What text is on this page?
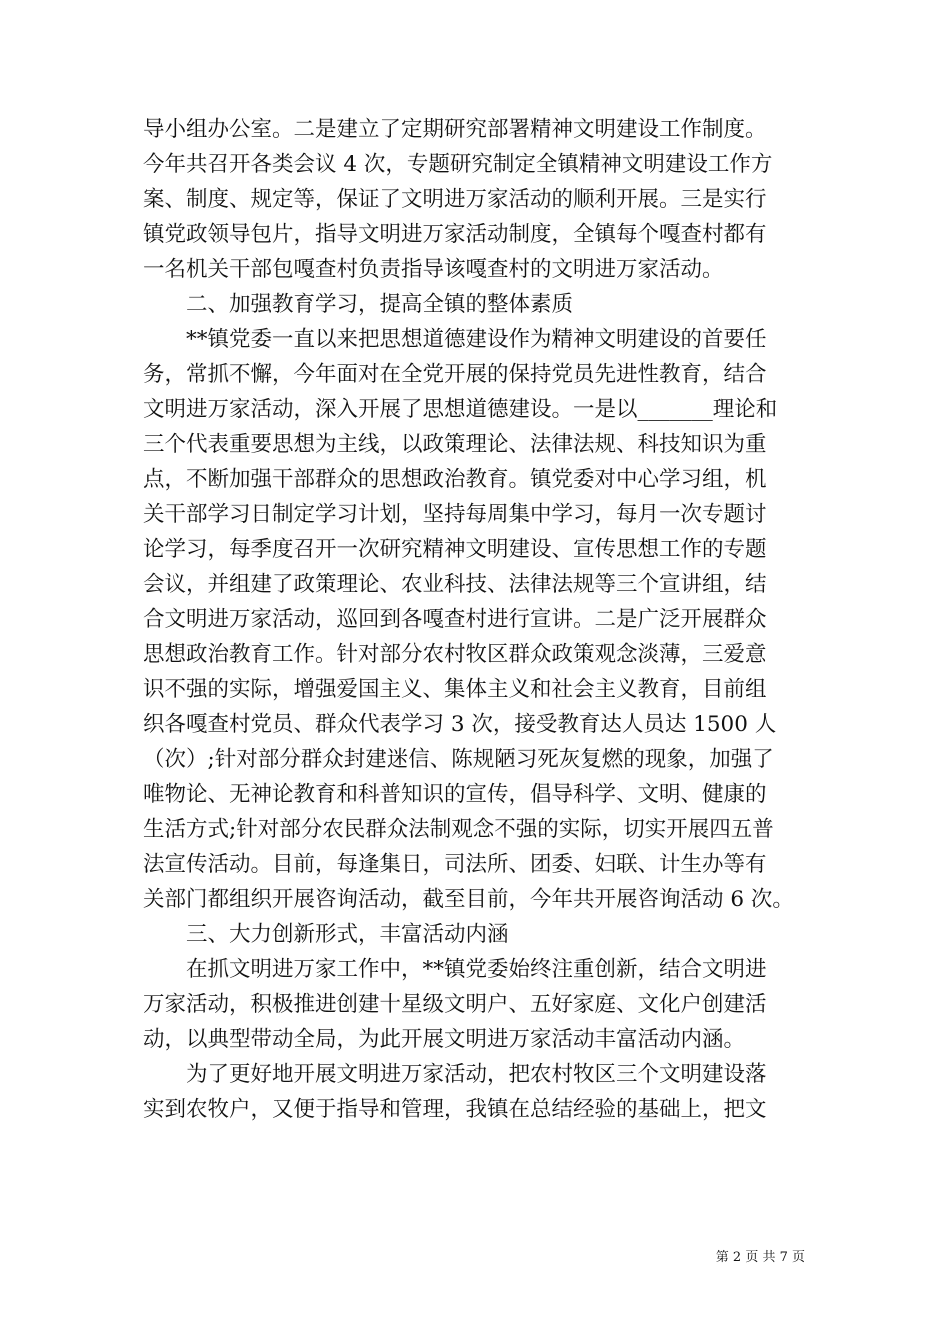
导小组办公室。二是建立了定期研究部署精神文明建设工作制度。
今年共召开各类会议 4 次，专题研究制定全镇精神文明建设工作方
案、制度、规定等，保证了文明进万家活动的顺利开展。三是实行
镇党政领导包片，指导文明进万家活动制度，全镇每个嘎查村都有
一名机关干部包嘎查村负责指导该嘎查村的文明进万家活动。
　　二、加强教育学习，提高全镇的整体素质
　　**镇党委一直以来把思想道德建设作为精神文明建设的首要任
务，常抓不懈，今年面对在全党开展的保持党员先进性教育，结合
文明进万家活动，深入开展了思想道德建设。一是以_______理论和
三个代表重要思想为主线，以政策理论、法律法规、科技知识为重
点，不断加强干部群众的思想政治教育。镇党委对中心学习组，机
关干部学习日制定学习计划，坚持每周集中学习，每月一次专题讨
论学习，每季度召开一次研究精神文明建设、宣传思想工作的专题
会议，并组建了政策理论、农业科技、法律法规等三个宣讲组，结
合文明进万家活动，巡回到各嘎查村进行宣讲。二是广泛开展群众
思想政治教育工作。针对部分农村牧区群众政策观念淡薄，三爱意
识不强的实际，增强爱国主义、集体主义和社会主义教育，目前组
织各嘎查村党员、群众代表学习 3 次，接受教育达人员达 1500 人
（次）;针对部分群众封建迷信、陈规陋习死灰复燃的现象，加强了
唯物论、无神论教育和科普知识的宣传，倡导科学、文明、健康的
生活方式;针对部分农民群众法制观念不强的实际，切实开展四五普
法宣传活动。目前，每逢集日，司法所、团委、妇联、计生办等有
关部门都组织开展咨询活动，截至目前，今年共开展咨询活动 6 次。
　　三、大力创新形式，丰富活动内涵
　　在抓文明进万家工作中，**镇党委始终注重创新，结合文明进
万家活动，积极推进创建十星级文明户、五好家庭、文化户创建活
动，以典型带动全局，为此开展文明进万家活动丰富活动内涵。
　　为了更好地开展文明进万家活动，把农村牧区三个文明建设落
实到农牧户，又便于指导和管理，我镇在总结经验的基础上，把文
第 2 页 共 7 页
